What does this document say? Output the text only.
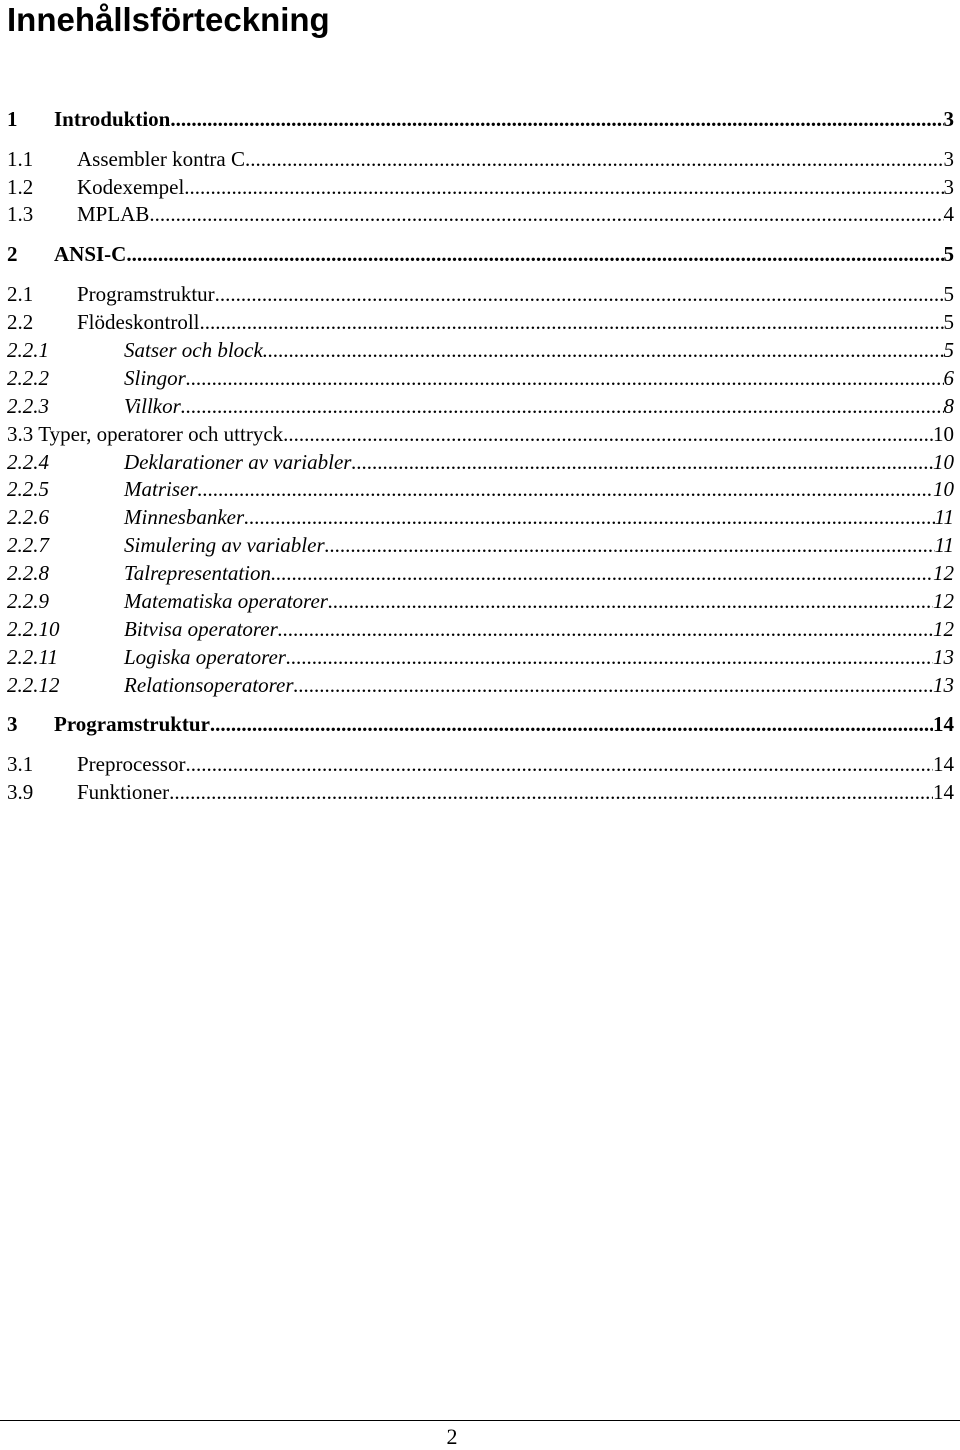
Innehållsförteckning
1	Introduktion .....	3
1.1	Assembler kontra C .....	3
1.2	Kodexempel .....	3
1.3	MPLAB .....	4
2	ANSI-C .....	5
2.1	Programstruktur .....	5
2.2	Flödeskontroll .....	5
2.2.1	Satser och block .....	5
2.2.2	Slingor .....	6
2.2.3	Villkor .....	8
3.3 Typer, operatorer och uttryck .....	10
2.2.4	Deklarationer av variabler .....	10
2.2.5	Matriser .....	10
2.2.6	Minnesbanker .....	11
2.2.7	Simulering av variabler .....	11
2.2.8	Talrepresentation .....	12
2.2.9	Matematiska operatorer .....	12
2.2.10	Bitvisa operatorer .....	12
2.2.11	Logiska operatorer .....	13
2.2.12	Relationsoperatorer .....	13
3	Programstruktur .....	14
3.1	Preprocessor .....	14
3.9	Funktioner .....	14
2
